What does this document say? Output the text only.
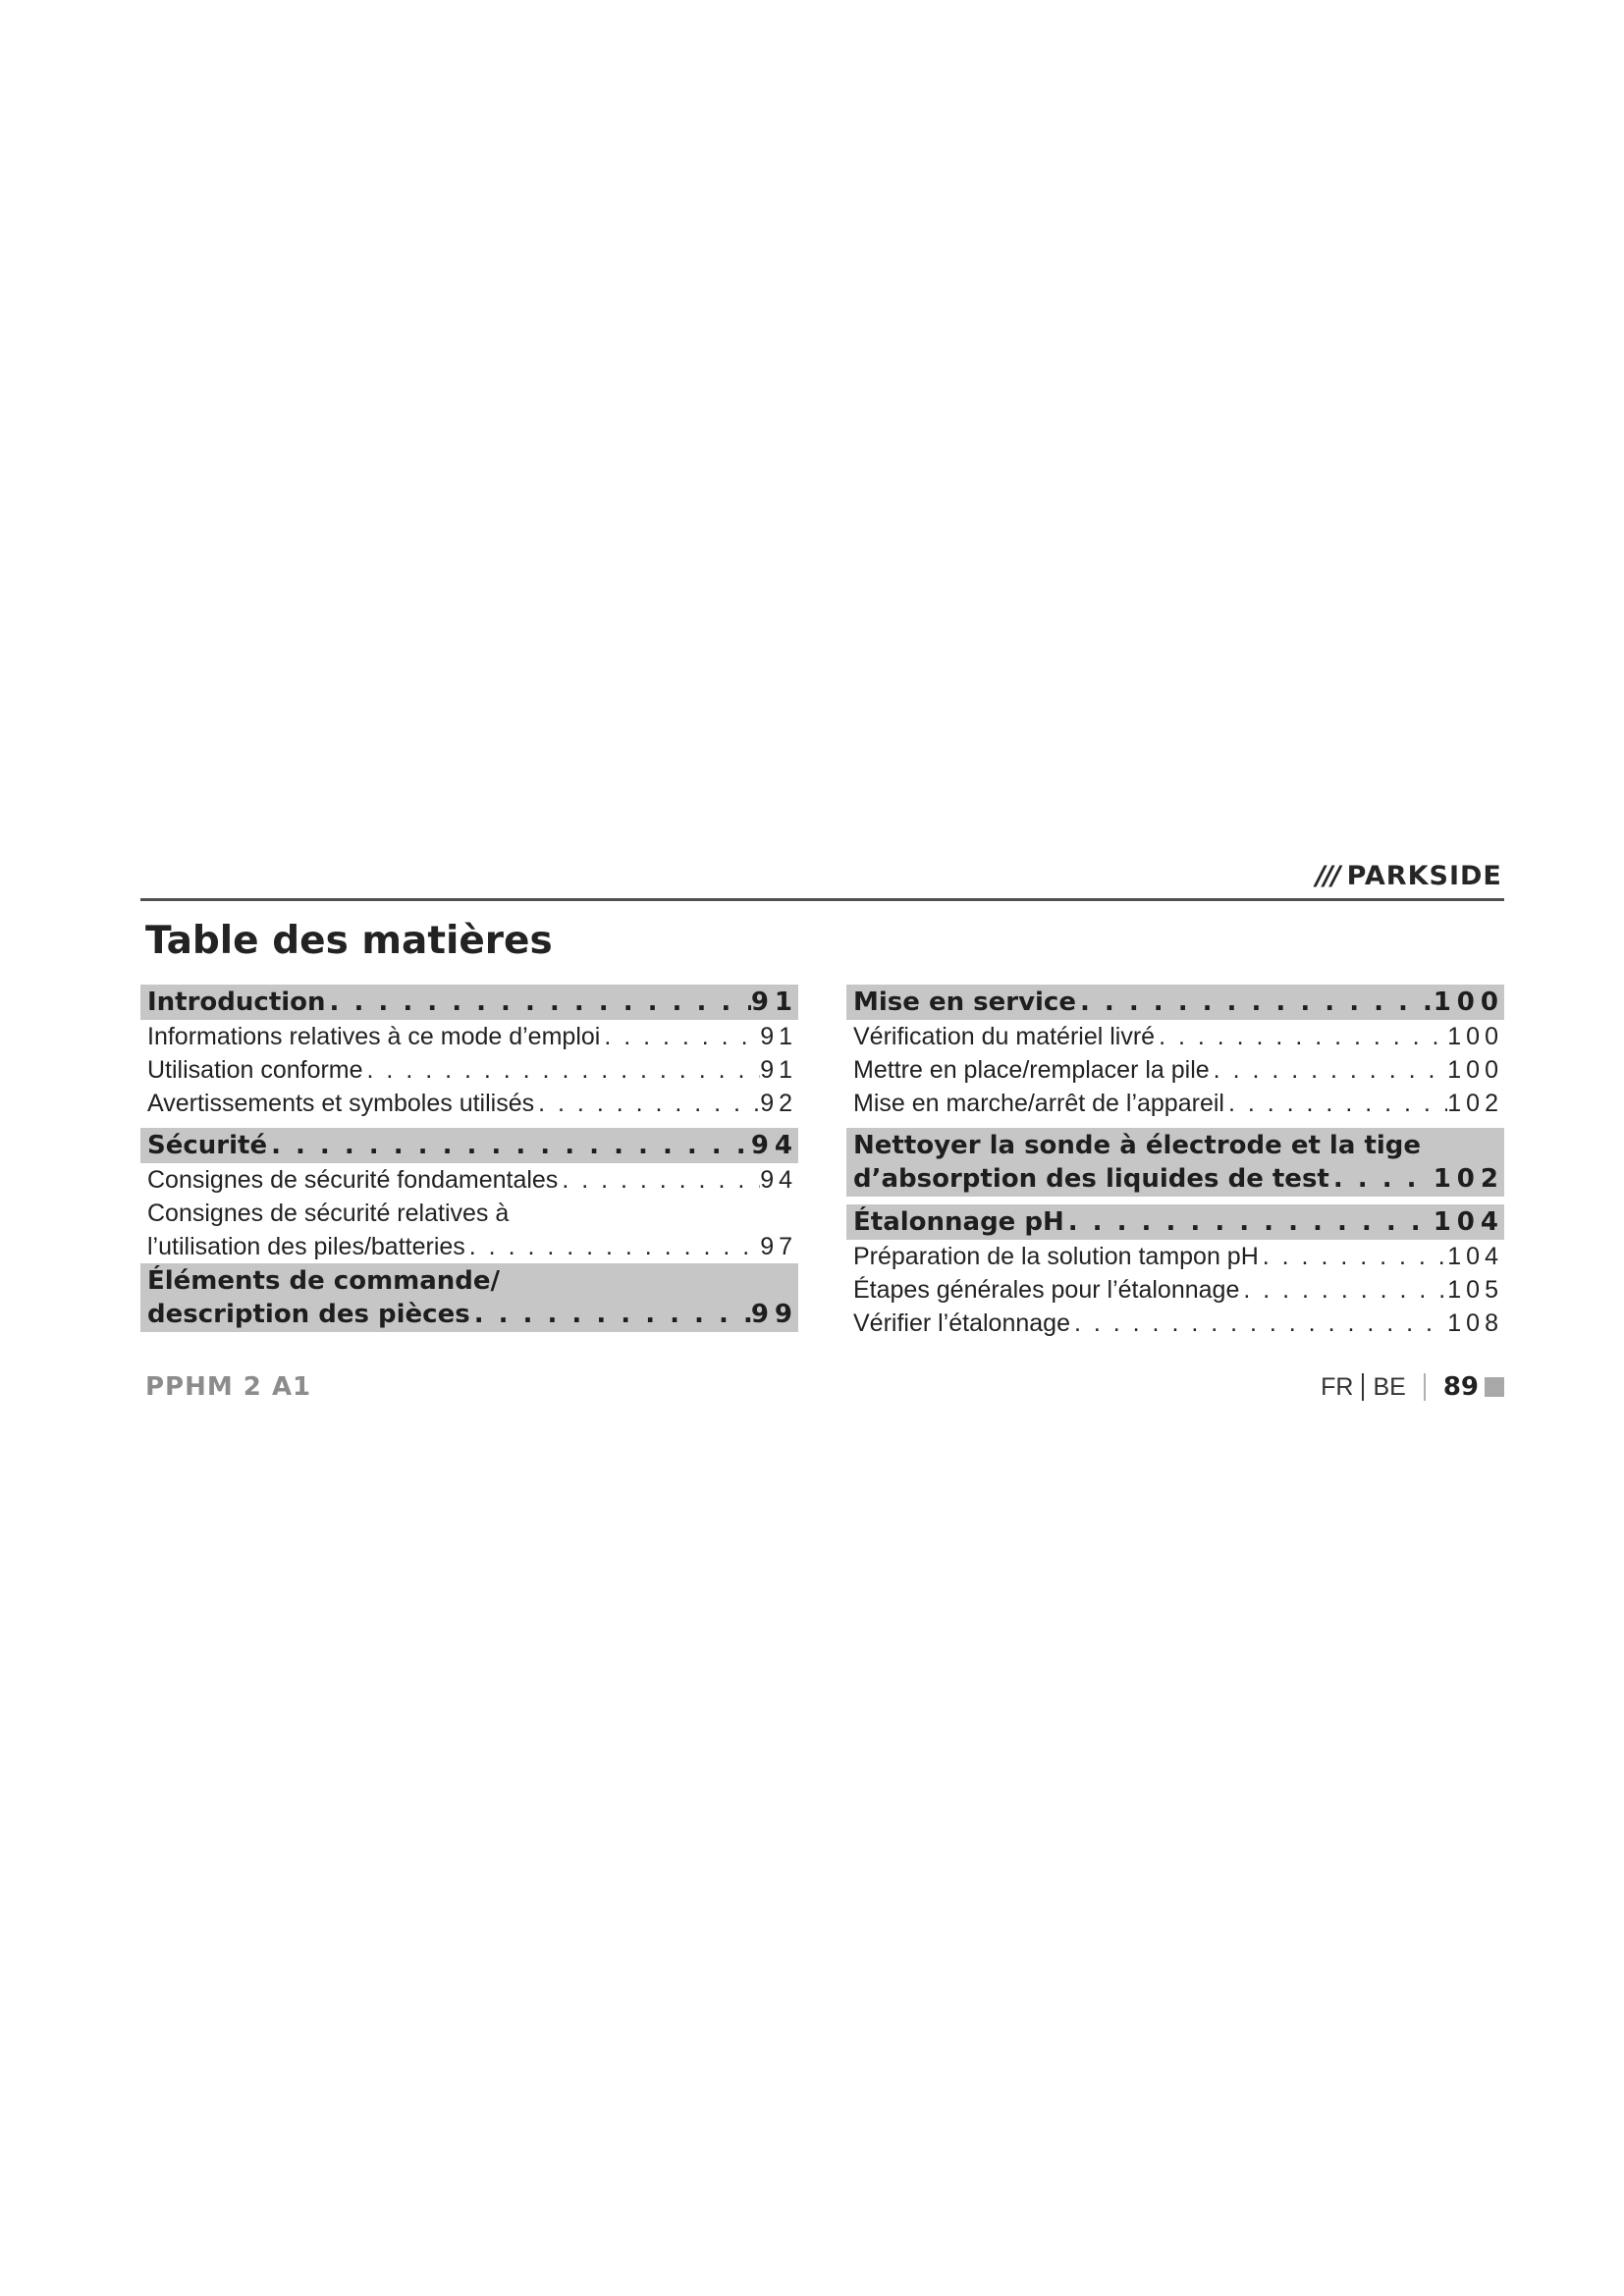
/// PARKSIDE
Table des matières
Introduction . . .	91
Informations relatives à ce mode d’emploi . . .	91
Utilisation conforme . . .	91
Avertissements et symboles utilisés . . .	92
Sécurité . . .	94
Consignes de sécurité fondamentales . . .	94
Consignes de sécurité relatives à
l’utilisation des piles/batteries . . .	97
Éléments de commande/
description des pièces . . .	99
Mise en service . . .	100
Vérification du matériel livré . . .	100
Mettre en place/remplacer la pile . . .	100
Mise en marche/arrêt de l’appareil . . .	102
Nettoyer la sonde à électrode et la tige
d’absorption des liquides de test . . .	102
Étalonnage pH . . .	104
Préparation de la solution tampon pH . . .	104
Étapes générales pour l’étalonnage . . .	105
Vérifier l’étalonnage . . .	108
PPHM 2 A1	FR BE 89
